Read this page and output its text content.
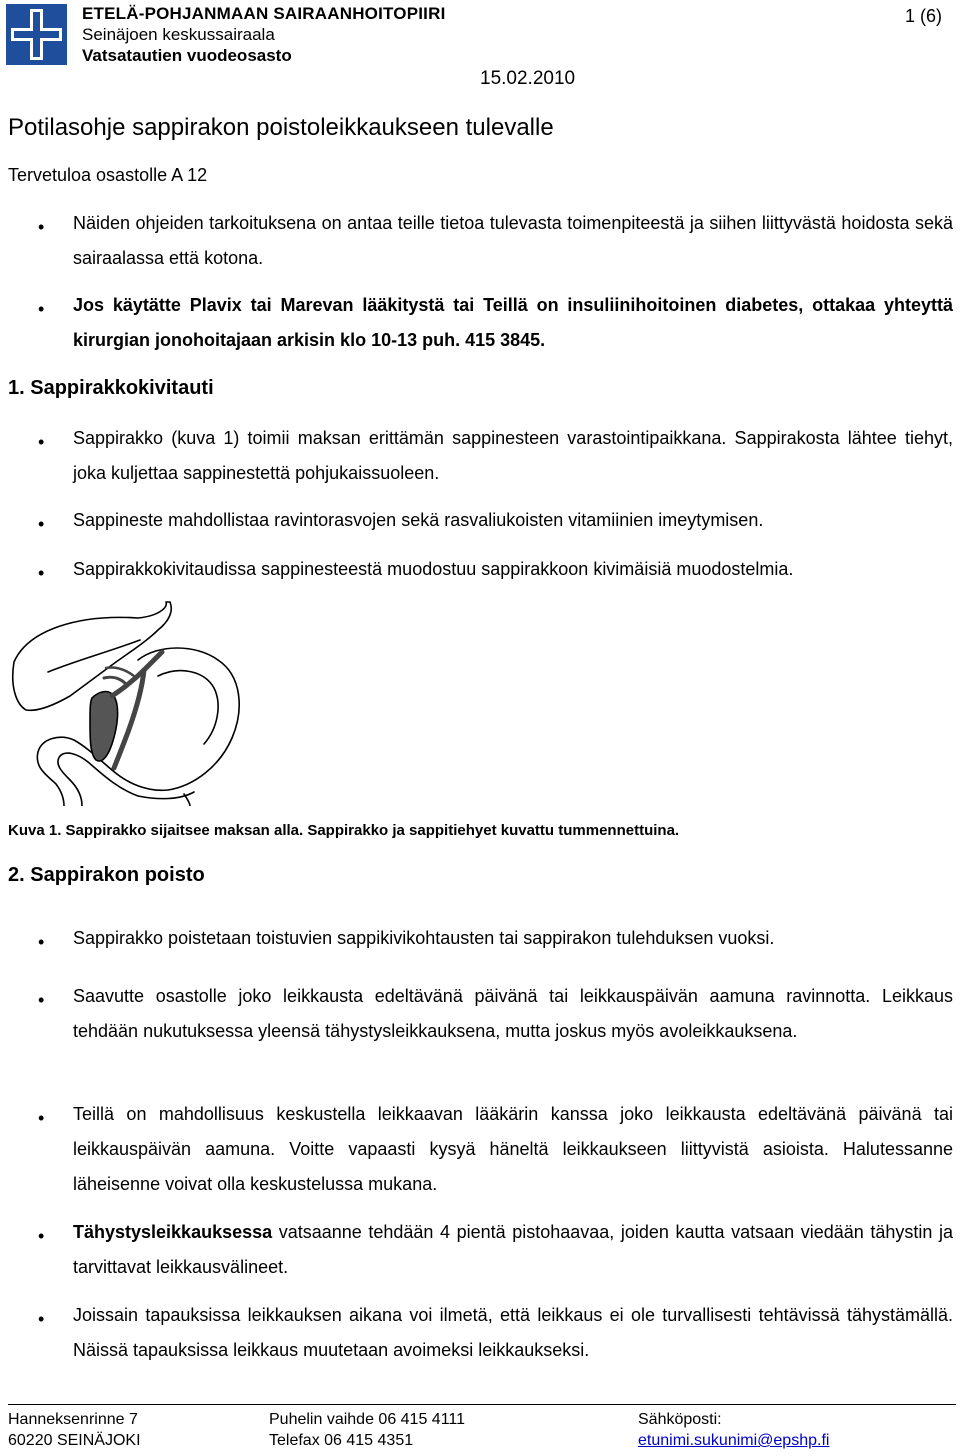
ETELÄ-POHJANMAAN SAIRAANHOITOPIIRI
Seinäjoen keskussairaala
Vatsatautien vuodeosasto
1 (6)
15.02.2010
Potilasohje sappirakon poistoleikkaukseen tulevalle
Tervetuloa osastolle A 12
• Näiden ohjeiden tarkoituksena on antaa teille tietoa tulevasta toimenpiteestä ja siihen liittyvästä hoidosta sekä sairaalassa että kotona.
• Jos käytätte Plavix tai Marevan lääkitystä tai Teillä on insuliinihoitoinen diabetes, ottakaa yhteyttä kirurgian jonohoitajaan arkisin klo 10-13 puh. 415 3845.
1. Sappirakkokivitauti
• Sappirakko (kuva 1) toimii maksan erittämän sappinesteen varastointipaikkana. Sappirakosta lähtee tiehyt, joka kuljettaa sappinestettä pohjukaissuoleen.
• Sappineste mahdollistaa ravintorasvojen sekä rasvaliukoisten vitamiinien imeytymisen.
• Sappirakkokivitaudissa sappinesteestä muodostuu sappirakkoon kivimäisiä muodostelmia.
Kuva 1. Sappirakko sijaitsee maksan alla. Sappirakko ja sappitiehyet kuvattu tummennettuina.
2. Sappirakon poisto
• Sappirakko poistetaan toistuvien sappikivikohtausten tai sappirakon tulehduksen vuoksi.
• Saavutte osastolle joko leikkausta edeltävänä päivänä tai leikkauspäivän aamuna ravinnotta. Leikkaus tehdään nukutuksessa yleensä tähystysleikkauksena, mutta joskus myös avoleikkauksena.
• Teillä on mahdollisuus keskustella leikkaavan lääkärin kanssa joko leikkausta edeltävänä päivänä tai leikkauspäivän aamuna. Voitte vapaasti kysyä häneltä leikkaukseen liittyvistä asioista. Halutessanne läheisenne voivat olla keskustelussa mukana.
• Tähystysleikkauksessa vatsaanne tehdään 4 pientä pistohaavaa, joiden kautta vatsaan viedään tähystin ja tarvittavat leikkausvälineet.
• Joissain tapauksissa leikkauksen aikana voi ilmetä, että leikkaus ei ole turvallisesti tehtävissä tähystämällä. Näissä tapauksissa leikkaus muutetaan avoimeksi leikkaukseksi.
Hanneksenrinne 7
60220 SEINÄJOKI
Puhelin vaihde 06 415 4111
Telefax 06 415 4351
Sähköposti:
etunimi.sukunimi@epshp.fi
